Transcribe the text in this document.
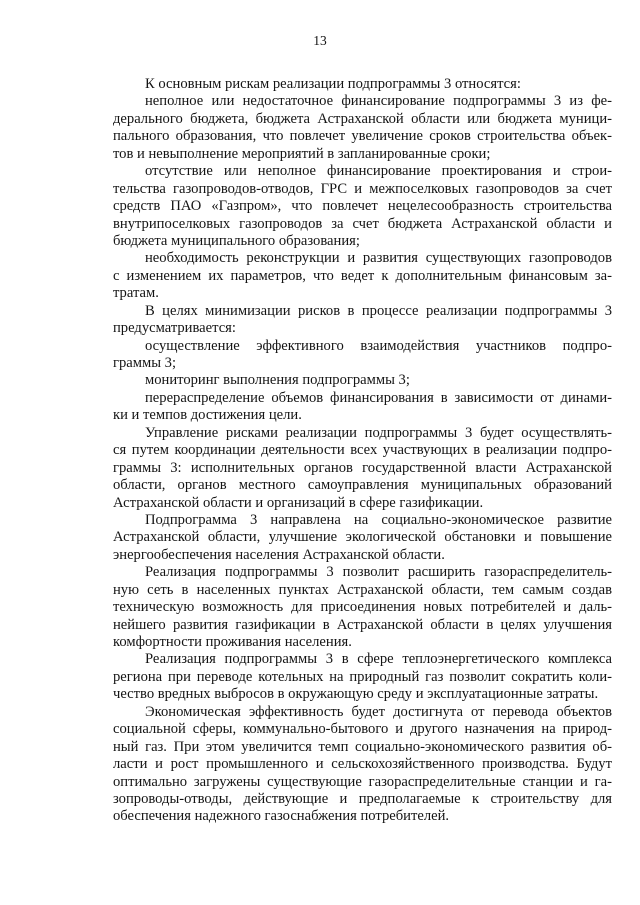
13
К основным рискам реализации подпрограммы 3 относятся:
неполное или недостаточное финансирование подпрограммы 3 из фе-
дерального бюджета, бюджета Астраханской области или бюджета муници-
пального образования, что повлечет увеличение сроков строительства объек-
тов и невыполнение мероприятий в запланированные сроки;
отсутствие или неполное финансирование проектирования и строи-
тельства газопроводов-отводов, ГРС и межпоселковых газопроводов за счет
средств ПАО «Газпром», что повлечет нецелесообразность строительства
внутрипоселковых газопроводов за счет бюджета Астраханской области и
бюджета муниципального образования;
необходимость реконструкции и развития существующих газопроводов
с изменением их параметров, что ведет к дополнительным финансовым за-
тратам.
В целях минимизации рисков в процессе реализации подпрограммы 3
предусматривается:
осуществление эффективного взаимодействия участников подпро-
граммы 3;
мониторинг выполнения подпрограммы 3;
перераспределение объемов финансирования в зависимости от динами-
ки и темпов достижения цели.
Управление рисками реализации подпрограммы 3 будет осуществлять-
ся путем координации деятельности всех участвующих в реализации подпро-
граммы 3: исполнительных органов государственной власти Астраханской
области, органов местного самоуправления муниципальных образований
Астраханской области и организаций в сфере газификации.
Подпрограмма 3 направлена на социально-экономическое развитие
Астраханской области, улучшение экологической обстановки и повышение
энергообеспечения населения Астраханской области.
Реализация подпрограммы 3 позволит расширить газораспределитель-
ную сеть в населенных пунктах Астраханской области, тем самым создав
техническую возможность для присоединения новых потребителей и даль-
нейшего развития газификации в Астраханской области в целях улучшения
комфортности проживания населения.
Реализация подпрограммы 3 в сфере теплоэнергетического комплекса
региона при переводе котельных на природный газ позволит сократить коли-
чество вредных выбросов в окружающую среду и эксплуатационные затраты.
Экономическая эффективность будет достигнута от перевода объектов
социальной сферы, коммунально-бытового и другого назначения на природ-
ный газ. При этом увеличится темп социально-экономического развития об-
ласти и рост промышленного и сельскохозяйственного производства. Будут
оптимально загружены существующие газораспределительные станции и га-
зопроводы-отводы, действующие и предполагаемые к строительству для
обеспечения надежного газоснабжения потребителей.
